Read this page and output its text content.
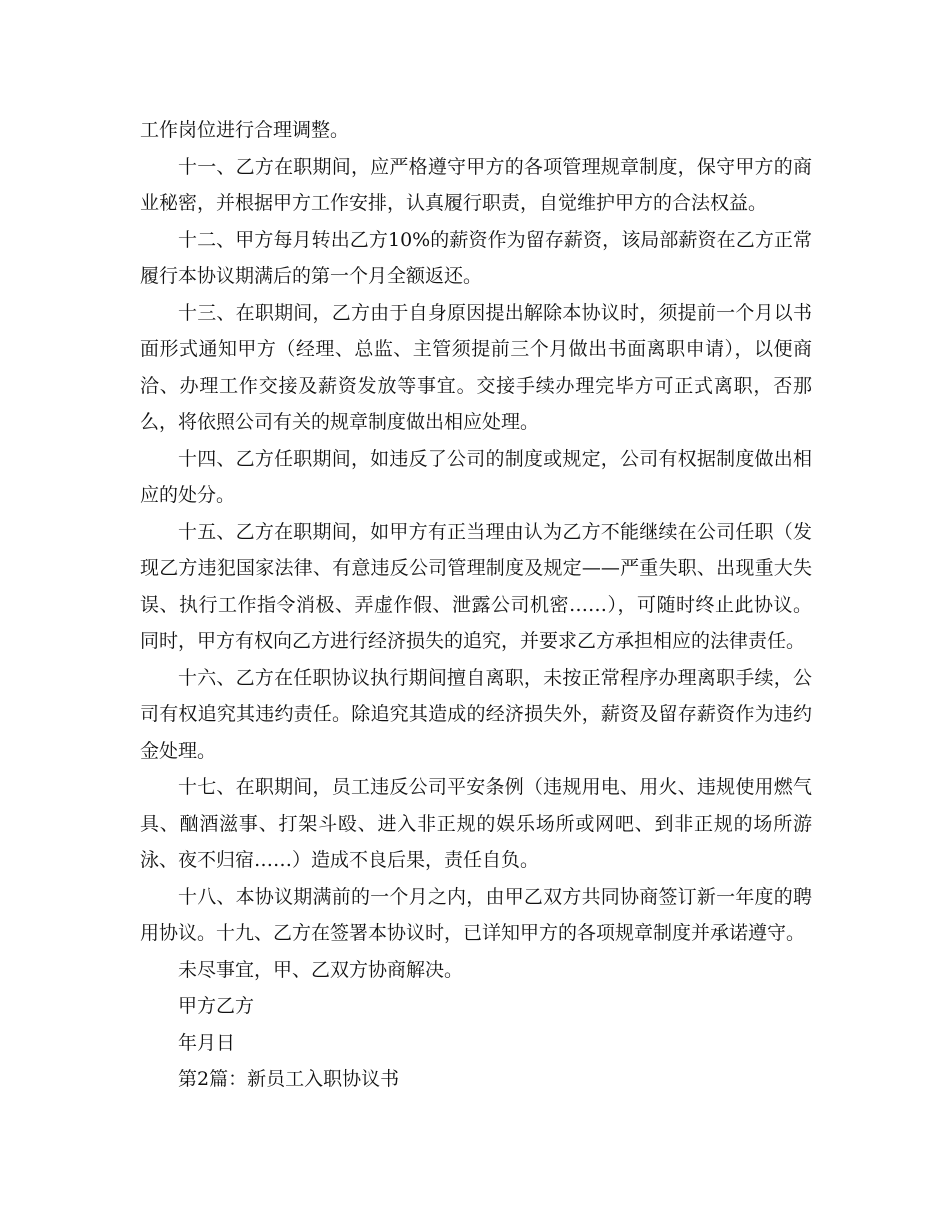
工作岗位进行合理调整。

十一、乙方在职期间，应严格遵守甲方的各项管理规章制度，保守甲方的商业秘密，并根据甲方工作安排，认真履行职责，自觉维护甲方的合法权益。

十二、甲方每月转出乙方10%的薪资作为留存薪资，该局部薪资在乙方正常履行本协议期满后的第一个月全额返还。

十三、在职期间，乙方由于自身原因提出解除本协议时，须提前一个月以书面形式通知甲方（经理、总监、主管须提前三个月做出书面离职申请），以便商洽、办理工作交接及薪资发放等事宜。交接手续办理完毕方可正式离职，否那么，将依照公司有关的规章制度做出相应处理。

十四、乙方任职期间，如违反了公司的制度或规定，公司有权据制度做出相应的处分。

十五、乙方在职期间，如甲方有正当理由认为乙方不能继续在公司任职（发现乙方违犯国家法律、有意违反公司管理制度及规定——严重失职、出现重大失误、执行工作指令消极、弄虚作假、泄露公司机密……），可随时终止此协议。同时，甲方有权向乙方进行经济损失的追究，并要求乙方承担相应的法律责任。

十六、乙方在任职协议执行期间擅自离职，未按正常程序办理离职手续，公司有权追究其违约责任。除追究其造成的经济损失外，薪资及留存薪资作为违约金处理。

十七、在职期间，员工违反公司平安条例（违规用电、用火、违规使用燃气具、酗酒滋事、打架斗殴、进入非正规的娱乐场所或网吧、到非正规的场所游泳、夜不归宿……）造成不良后果，责任自负。

十八、本协议期满前的一个月之内，由甲乙双方共同协商签订新一年度的聘用协议。十九、乙方在签署本协议时，已详知甲方的各项规章制度并承诺遵守。

未尽事宜，甲、乙双方协商解决。

甲方乙方

年月日

第2篇：新员工入职协议书
